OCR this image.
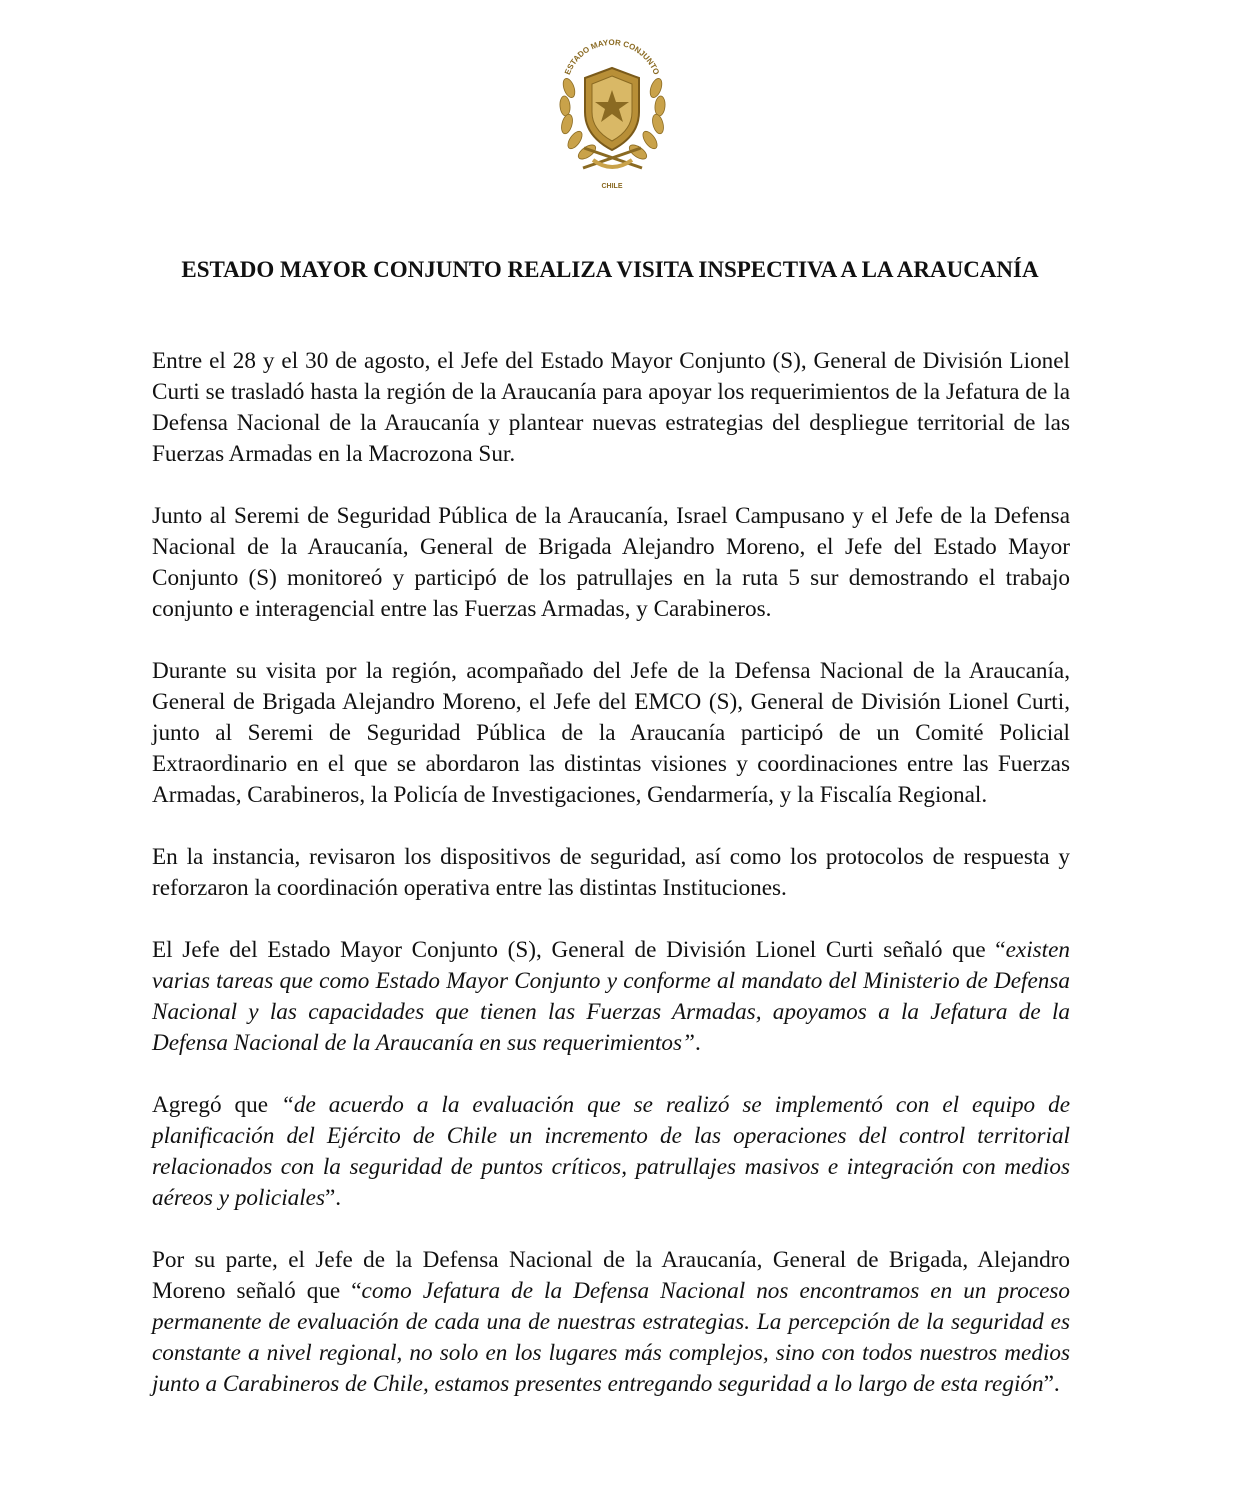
ESTADO MAYOR CONJUNTO
CHILE
ESTADO MAYOR CONJUNTO REALIZA VISITA INSPECTIVA A LA ARAUCANÍA

Entre el 28 y el 30 de agosto, el Jefe del Estado Mayor Conjunto (S), General de División Lionel Curti se trasladó hasta la región de la Araucanía para apoyar los requerimientos de la Jefatura de la Defensa Nacional de la Araucanía y plantear nuevas estrategias del despliegue territorial de las Fuerzas Armadas en la Macrozona Sur.

Junto al Seremi de Seguridad Pública de la Araucanía, Israel Campusano y el Jefe de la Defensa Nacional de la Araucanía, General de Brigada Alejandro Moreno, el Jefe del Estado Mayor Conjunto (S) monitoreó y participó de los patrullajes en la ruta 5 sur demostrando el trabajo conjunto e interagencial entre las Fuerzas Armadas, y Carabineros.

Durante su visita por la región, acompañado del Jefe de la Defensa Nacional de la Araucanía, General de Brigada Alejandro Moreno, el Jefe del EMCO (S), General de División Lionel Curti, junto al Seremi de Seguridad Pública de la Araucanía participó de un Comité Policial Extraordinario en el que se abordaron las distintas visiones y coordinaciones entre las Fuerzas Armadas, Carabineros, la Policía de Investigaciones, Gendarmería, y la Fiscalía Regional.

En la instancia, revisaron los dispositivos de seguridad, así como los protocolos de respuesta y reforzaron la coordinación operativa entre las distintas Instituciones.

El Jefe del Estado Mayor Conjunto (S), General de División Lionel Curti señaló que “existen varias tareas que como Estado Mayor Conjunto y conforme al mandato del Ministerio de Defensa Nacional y las capacidades que tienen las Fuerzas Armadas, apoyamos a la Jefatura de la Defensa Nacional de la Araucanía en sus requerimientos”.

Agregó que “de acuerdo a la evaluación que se realizó se implementó con el equipo de planificación del Ejército de Chile un incremento de las operaciones del control territorial relacionados con la seguridad de puntos críticos, patrullajes masivos e integración con medios aéreos y policiales”.

Por su parte, el Jefe de la Defensa Nacional de la Araucanía, General de Brigada, Alejandro Moreno señaló que “como Jefatura de la Defensa Nacional nos encontramos en un proceso permanente de evaluación de cada una de nuestras estrategias. La percepción de la seguridad es constante a nivel regional, no solo en los lugares más complejos, sino con todos nuestros medios junto a Carabineros de Chile, estamos presentes entregando seguridad a lo largo de esta región”.
